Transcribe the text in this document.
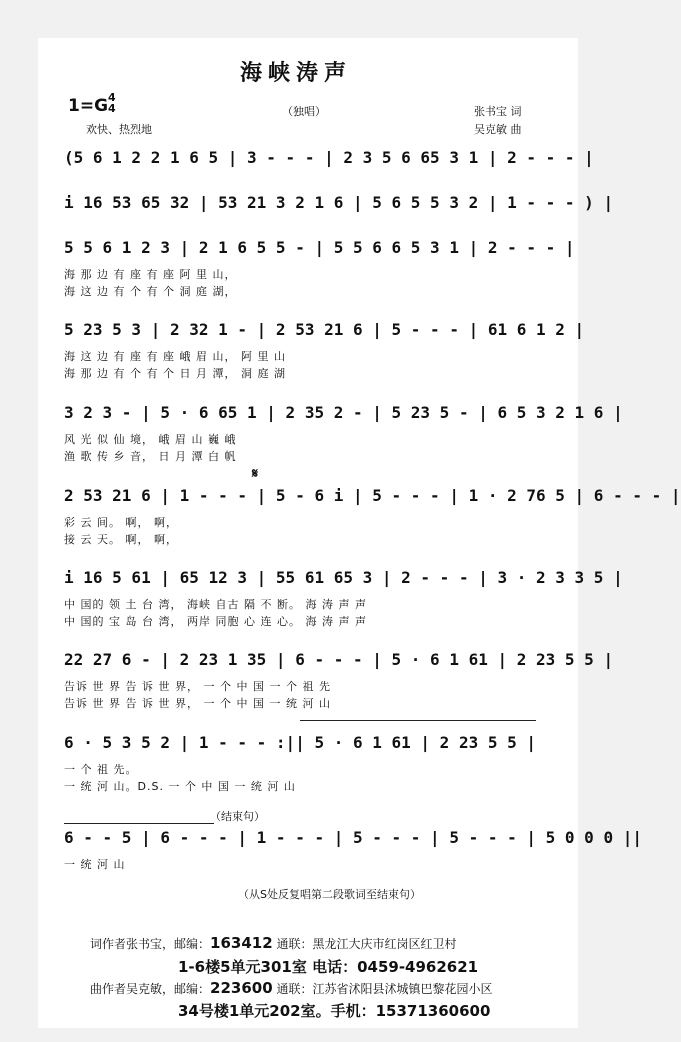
海峡涛声
1=G 4
4
欢快、热烈地
（独唱）	张书宝 词
吴克敏 曲
(5 6 1 2 2 1 6 5 | 3 - - - | 2 3 5 6 65 3 1 | 2 - - - |
i 16 53 65 32 | 53 21 3 2 1 6 | 5 6 5 5 3 2 | 1 - - - ) |
5 5 6 1 2 3 | 2 1 6 5 5 - | 5 5 6 6 5 3 1 | 2 - - - |
海 那 边 有 座 有 座 阿 里 山，
海 这 边 有 个 有 个 洞 庭 湖，
5 23 5 3 | 2 32 1 - | 2 53 21 6 | 5 - - - | 61 6 1 2 |
海 这 边 有 座 有 座 峨 眉 山， 阿 里 山
海 那 边 有 个 有 个 日 月 潭， 洞 庭 湖
3 2 3 - | 5 · 6 65 1 | 2 35 2 - | 5 23 5 - | 6 5 3 2 1 6 |
风 光 似 仙 境， 峨 眉 山 巍 峨
渔 歌 传 乡 音， 日 月 潭 白 帆
2 53 21 6 | 1 - - - | 5 - 6 i | 5 - - - | 1 · 2 76 5 | 6 - - - |
彩 云 间。 啊， 啊，
接 云 天。 啊， 啊，
i 16 5 61 | 65 12 3 | 55 61 65 3 | 2 - - - | 3 · 2 3 3 5 |
中 国的 领 土 台 湾， 海峡 自古 隔 不 断。 海 涛 声 声
中 国的 宝 岛 台 湾， 两岸 同胞 心 连 心。 海 涛 声 声
22 27 6 - | 2 23 1 35 | 6 - - - | 5 · 6 1 61 | 2 23 5 5 |
告诉 世 界 告 诉 世 界， 一 个 中 国 一 个 祖 先
告诉 世 界 告 诉 世 界， 一 个 中 国 一 统 河 山
6 · 5 3 5 2 | 1 - - - :|| 5 · 6 1 61 | 2 23 5 5 |
一 个 祖 先。
一 统 河 山。D.S. 一 个 中 国 一 统 河 山
6 - - 5 | 6 - - - | 1 - - - | 5 - - - | 5 - - - | 5 0 0 0 ||
一 统 河 山
𝄋
（结束句）
（从S处反复唱第二段歌词至结束句）
词作者张书宝，邮编：163412 通联：黑龙江大庆市红岗区红卫村
1-6楼5单元301室 电话：0459-4962621
曲作者吴克敏，邮编：223600 通联：江苏省沭阳县沭城镇巴黎花园小区
34号楼1单元202室。手机：15371360600
